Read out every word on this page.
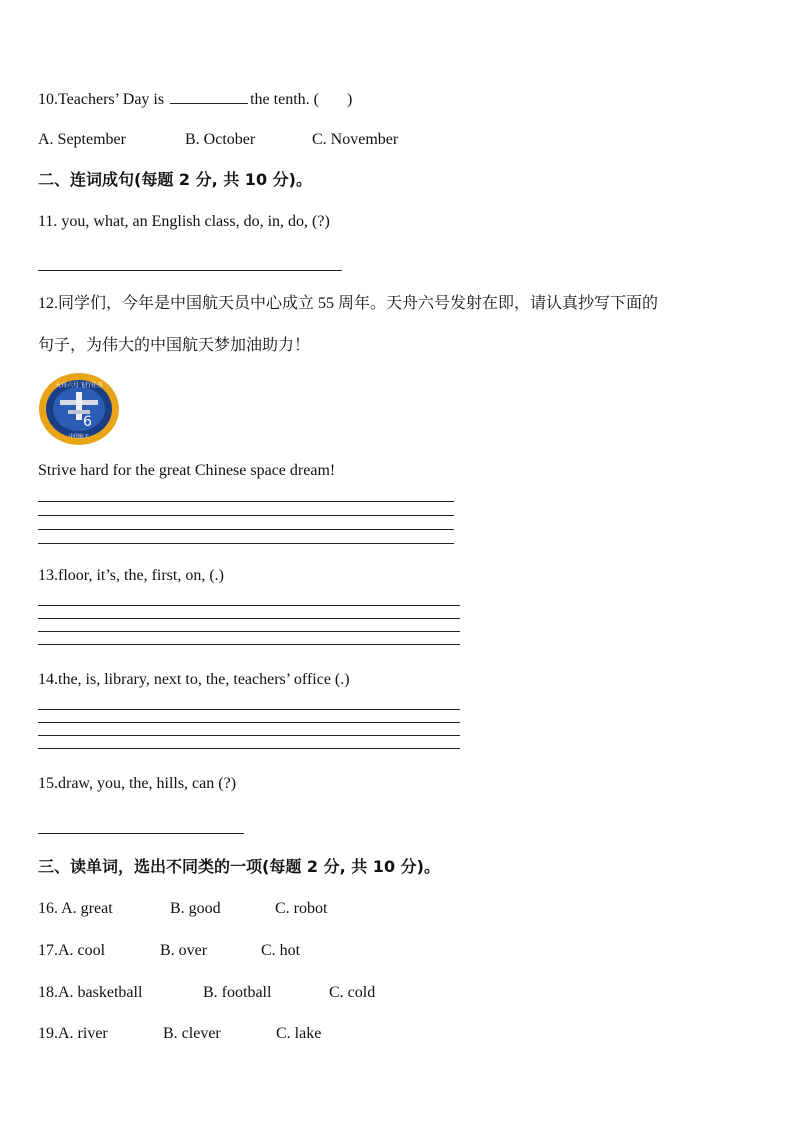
10.Teachers’ Day is	the tenth. ( )
A. September	B. October	C. November
二、连词成句(每题 2 分, 共 10 分)。
11. you, what, an English class, do, in, do, (?)
12.同学们，今年是中国航天员中心成立 55 周年。天舟六号发射在即，请认真抄写下面的
句子，为伟大的中国航天梦加油助力！
天舟六号飞行任务
6
中国航天
Strive hard for the great Chinese space dream!
13.floor, it’s, the, first, on, (.)
14.the, is, library, next to, the, teachers’ office (.)
15.draw, you, the, hills, can (?)
三、读单词，选出不同类的一项(每题 2 分, 共 10 分)。
16. A. great	B. good	C. robot
17.A. cool	B. over	C. hot
18.A. basketball	B. football	C. cold
19.A. river	B. clever	C. lake
